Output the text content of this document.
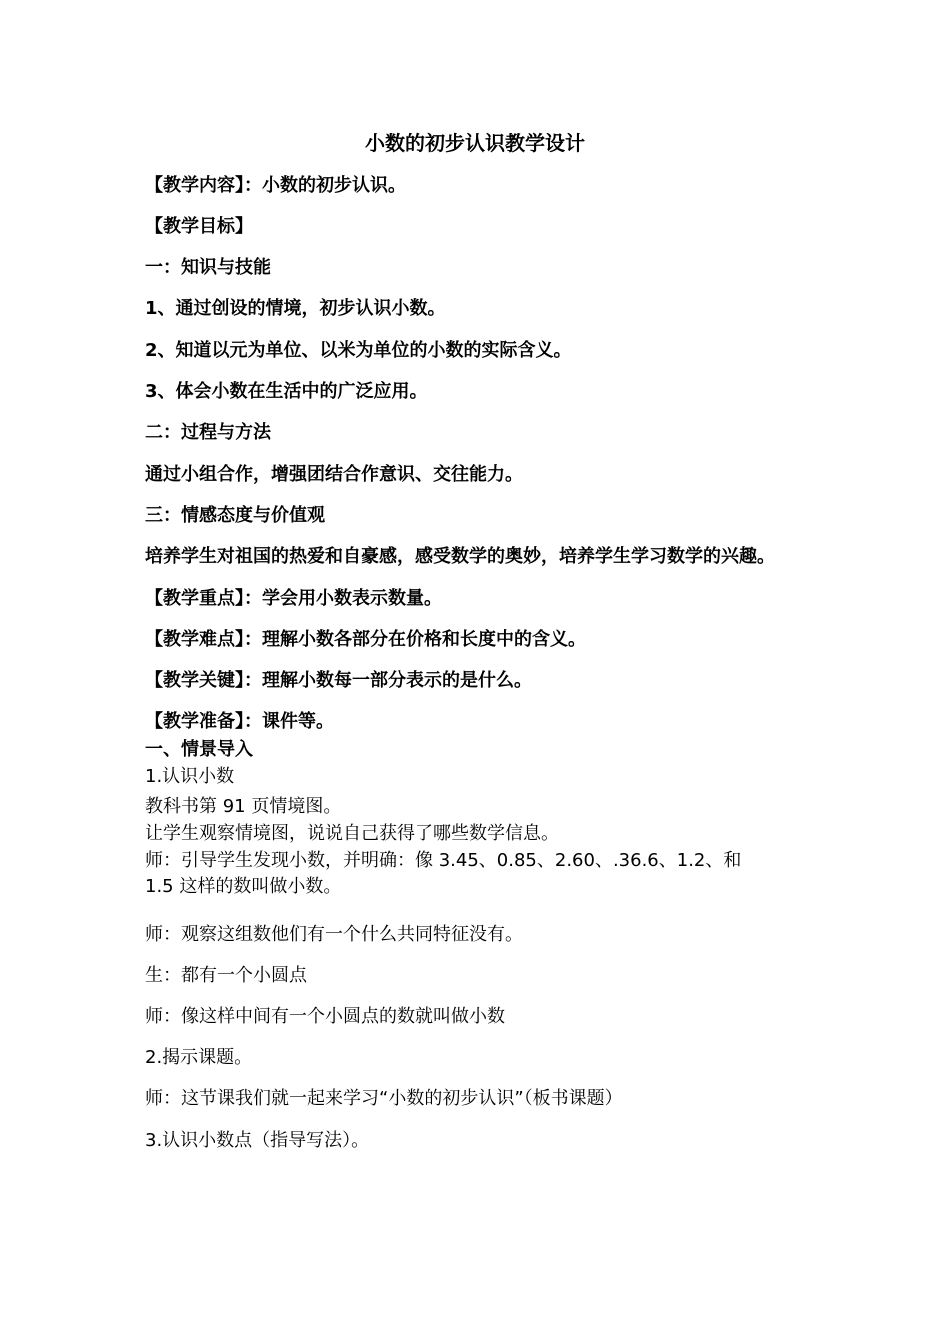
小数的初步认识教学设计
【教学内容】：小数的初步认识。
【教学目标】
一：知识与技能
1、通过创设的情境，初步认识小数。
2、知道以元为单位、以米为单位的小数的实际含义。
3、体会小数在生活中的广泛应用。
二：过程与方法
通过小组合作，增强团结合作意识、交往能力。
三：情感态度与价值观
培养学生对祖国的热爱和自豪感，感受数学的奥妙，培养学生学习数学的兴趣。
【教学重点】：学会用小数表示数量。
【教学难点】：理解小数各部分在价格和长度中的含义。
【教学关键】：理解小数每一部分表示的是什么。
【教学准备】：课件等。
一、情景导入
1.认识小数
教科书第 91 页情境图。
让学生观察情境图，说说自己获得了哪些数学信息。
师：引导学生发现小数，并明确：像 3.45、0.85、2.60、.36.6、1.2、和
1.5 这样的数叫做小数。
师：观察这组数他们有一个什么共同特征没有。
生：都有一个小圆点
师：像这样中间有一个小圆点的数就叫做小数
2.揭示课题。
师：这节课我们就一起来学习“小数的初步认识”（板书课题）
3.认识小数点（指导写法）。
